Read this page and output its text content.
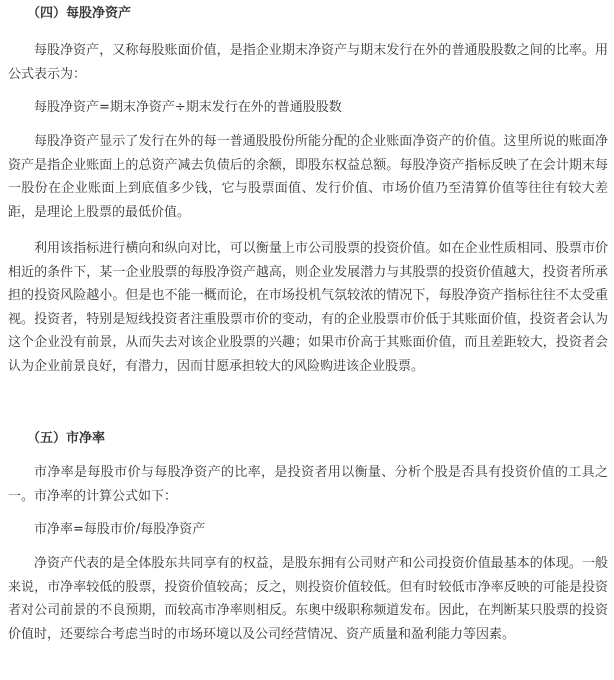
（四）每股净资产

每股净资产，又称每股账面价值，是指企业期末净资产与期末发行在外的普通股股数之间的比率。用公式表示为：

每股净资产=期末净资产÷期末发行在外的普通股股数

每股净资产显示了发行在外的每一普通股股份所能分配的企业账面净资产的价值。这里所说的账面净资产是指企业账面上的总资产减去负债后的余额，即股东权益总额。每股净资产指标反映了在会计期末每一股份在企业账面上到底值多少钱，它与股票面值、发行价值、市场价值乃至清算价值等往往有较大差距，是理论上股票的最低价值。

利用该指标进行横向和纵向对比，可以衡量上市公司股票的投资价值。如在企业性质相同、股票市价相近的条件下，某一企业股票的每股净资产越高，则企业发展潜力与其股票的投资价值越大，投资者所承担的投资风险越小。但是也不能一概而论，在市场投机气氛较浓的情况下，每股净资产指标往往不太受重视。投资者，特别是短线投资者注重股票市价的变动，有的企业股票市价低于其账面价值，投资者会认为这个企业没有前景，从而失去对该企业股票的兴趣；如果市价高于其账面价值，而且差距较大，投资者会认为企业前景良好，有潜力，因而甘愿承担较大的风险购进该企业股票。

（五）市净率

市净率是每股市价与每股净资产的比率，是投资者用以衡量、分析个股是否具有投资价值的工具之一。市净率的计算公式如下：

市净率=每股市价/每股净资产

净资产代表的是全体股东共同享有的权益，是股东拥有公司财产和公司投资价值最基本的体现。一般来说，市净率较低的股票，投资价值较高；反之，则投资价值较低。但有时较低市净率反映的可能是投资者对公司前景的不良预期，而较高市净率则相反。东奥中级职称频道发布。因此，在判断某只股票的投资价值时，还要综合考虑当时的市场环境以及公司经营情况、资产质量和盈利能力等因素。
